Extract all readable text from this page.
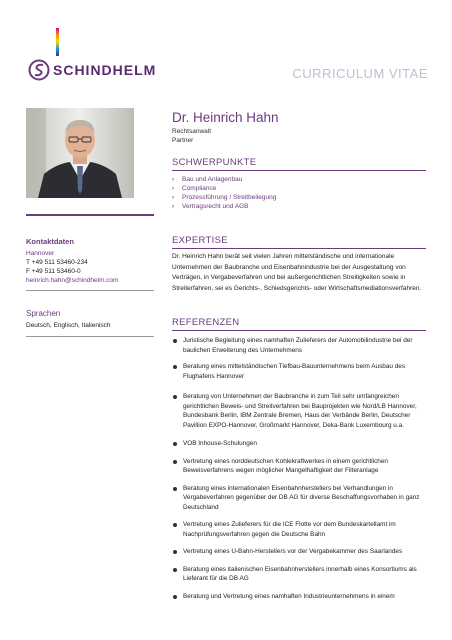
SCHINDHELM	CURRICULUM VITAE
Kontaktdaten
Hannover
T +49 511 53460-234
F +49 511 53460-0
heinrich.hahn@schindhelm.com
Sprachen
Deutsch, Englisch, Italienisch
Dr. Heinrich Hahn
Rechtsanwalt
Partner
SCHWERPUNKTE
› Bau und Anlagenbau
› Compliance
› Prozessführung / Streitbeilegung
› Vertragsrecht und AGB
EXPERTISE
Dr. Heinrich Hahn berät seit vielen Jahren mittelständische und internationale Unternehmen der Baubranche und Eisenbahnindustrie bei der Ausgestaltung von Verträgen, in Vergabeverfahren und bei außergerichtlichen Streitigkeiten sowie in Streiterfahren, sei es Gerichts-, Schiedsgerichts- oder Wirtschaftsmediationsverfahren.
REFERENZEN
Juristische Begleitung eines namhaften Zulieferers der Automobilindustrie bei der baulichen Erweiterung des Unternehmens
Beratung eines mittelständischen Tiefbau-Bauunternehmens beim Ausbau des Flughafens Hannover
Beratung von Unternehmen der Baubranche in zum Teil sehr umfangreichen gerichtlichen Beweis- und Streitverfahren bei Bauprojekten wie Nord/LB Hannover, Bundesbank Berlin, IBM Zentrale Bremen, Haus der Verbände Berlin, Deutscher Pavillion EXPO-Hannover, Großmarkt Hannover, Deka-Bank Luxembourg u.a.
VOB Inhouse-Schulungen
Vertretung eines norddeutschen Kohlekraftwerkes in einem gerichtlichen Beweisverfahrens wegen möglicher Mangelhaftigkeit der Filteranlage
Beratung eines internationalen Eisenbahnherstellers bei Verhandlungen in Vergabeverfahren gegenüber der DB AG für diverse Beschaffungsvorhaben in ganz Deutschland
Vertretung eines Zulieferers für die ICE Flotte vor dem Bundeskartellamt im Nachprüfungsverfahren gegen die Deutsche Bahn
Vertretung eines U-Bahn-Herstellers vor der Vergabekammer des Saarlandes
Beratung eines italienischen Eisenbahnherstellers innerhalb eines Konsortiums als Lieferant für die DB AG
Beratung und Vertretung eines namhaften Industrieunternehmens in einem
